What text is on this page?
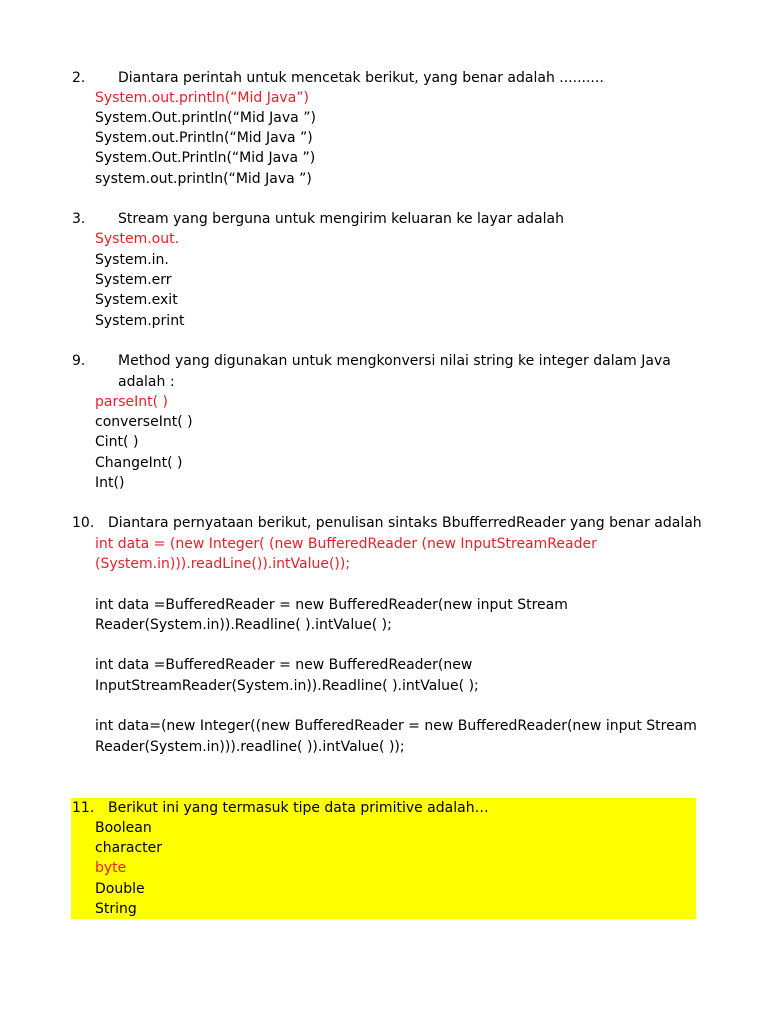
2. Diantara perintah untuk mencetak berikut, yang benar adalah ..........
System.out.println(“Mid Java”)
System.Out.println(“Mid Java ”)
System.out.Println(“Mid Java ”)
System.Out.Println(“Mid Java ”)
system.out.println(“Mid Java ”)
3. Stream yang berguna untuk mengirim keluaran ke layar adalah
System.out.
System.in.
System.err
System.exit
System.print
9. Method yang digunakan untuk mengkonversi nilai string ke integer dalam Java
adalah :
parseInt( )
converseInt( )
Cint( )
ChangeInt( )
Int()
10. Diantara pernyataan berikut, penulisan sintaks BbufferredReader yang benar adalah
int data = (new Integer( (new BufferedReader (new InputStreamReader
(System.in))).readLine()).intValue());
int data =BufferedReader = new BufferedReader(new input Stream
Reader(System.in)).Readline( ).intValue( );
int data =BufferedReader = new BufferedReader(new
InputStreamReader(System.in)).Readline( ).intValue( );
int data=(new Integer((new BufferedReader = new BufferedReader(new input Stream
Reader(System.in))).readline( )).intValue( ));
11. Berikut ini yang termasuk tipe data primitive adalah…
Boolean
character
byte
Double
String
